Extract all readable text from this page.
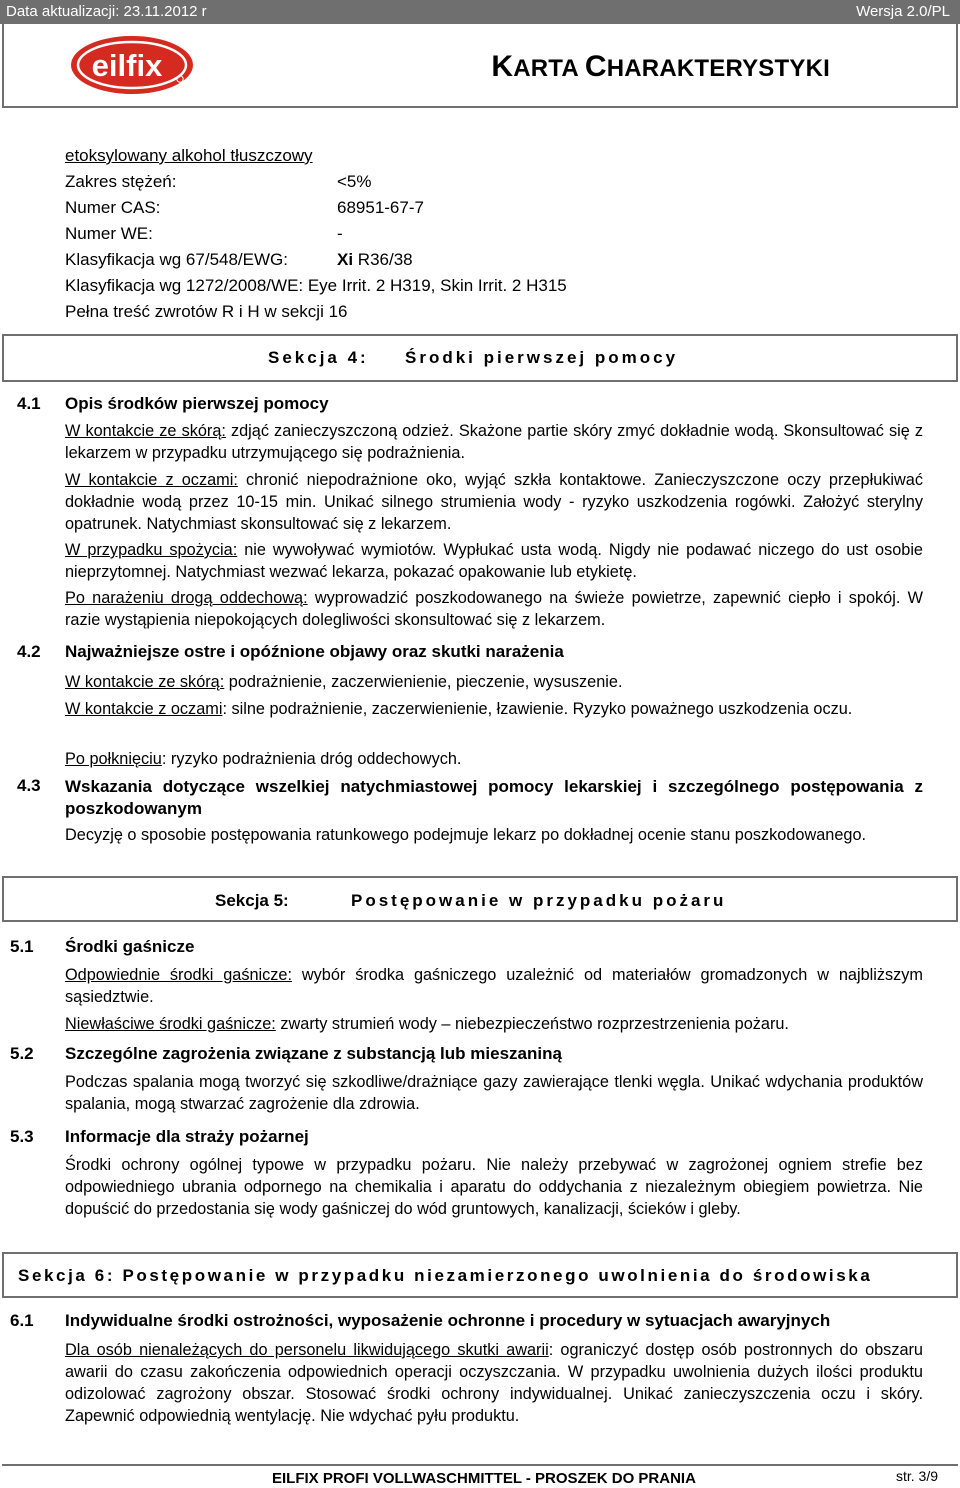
Data aktualizacji: 23.11.2012 r	Wersja 2.0/PL
eilfix	KARTA CHARAKTERYSTYKI
etoksylowany alkohol tłuszczowy
Zakres stężeń:	<5%
Numer CAS:	68951-67-7
Numer WE:	-
Klasyfikacja wg 67/548/EWG:	Xi R36/38
Klasyfikacja wg 1272/2008/WE: Eye Irrit. 2 H319, Skin Irrit. 2 H315
Pełna treść zwrotów R i H w sekcji 16
Sekcja 4: Środki pierwszej pomocy
4.1 Opis środków pierwszej pomocy
W kontakcie ze skórą: zdjąć zanieczyszczoną odzież. Skażone partie skóry zmyć dokładnie wodą. Skonsultować się z lekarzem w przypadku utrzymującego się podrażnienia.
W kontakcie z oczami: chronić niepodrażnione oko, wyjąć szkła kontaktowe. Zanieczyszczone oczy przepłukiwać dokładnie wodą przez 10-15 min. Unikać silnego strumienia wody - ryzyko uszkodzenia rogówki. Założyć sterylny opatrunek. Natychmiast skonsultować się z lekarzem.
W przypadku spożycia: nie wywoływać wymiotów. Wypłukać usta wodą. Nigdy nie podawać niczego do ust osobie nieprzytomnej. Natychmiast wezwać lekarza, pokazać opakowanie lub etykietę.
Po narażeniu drogą oddechową: wyprowadzić poszkodowanego na świeże powietrze, zapewnić ciepło i spokój. W razie wystąpienia niepokojących dolegliwości skonsultować się z lekarzem.
4.2 Najważniejsze ostre i opóźnione objawy oraz skutki narażenia
W kontakcie ze skórą: podrażnienie, zaczerwienienie, pieczenie, wysuszenie.
W kontakcie z oczami: silne podrażnienie, zaczerwienienie, łzawienie. Ryzyko poważnego uszkodzenia oczu.
Po połknięciu: ryzyko podrażnienia dróg oddechowych.
4.3 Wskazania dotyczące wszelkiej natychmiastowej pomocy lekarskiej i szczególnego postępowania z poszkodowanym
Decyzję o sposobie postępowania ratunkowego podejmuje lekarz po dokładnej ocenie stanu poszkodowanego.
Sekcja 5:	Postępowanie w przypadku pożaru
5.1 Środki gaśnicze
Odpowiednie środki gaśnicze: wybór środka gaśniczego uzależnić od materiałów gromadzonych w najbliższym sąsiedztwie.
Niewłaściwe środki gaśnicze: zwarty strumień wody – niebezpieczeństwo rozprzestrzenienia pożaru.
5.2 Szczególne zagrożenia związane z substancją lub mieszaniną
Podczas spalania mogą tworzyć się szkodliwe/drażniące gazy zawierające tlenki węgla. Unikać wdychania produktów spalania, mogą stwarzać zagrożenie dla zdrowia.
5.3 Informacje dla straży pożarnej
Środki ochrony ogólnej typowe w przypadku pożaru. Nie należy przebywać w zagrożonej ogniem strefie bez odpowiedniego ubrania odpornego na chemikalia i aparatu do oddychania z niezależnym obiegiem powietrza. Nie dopuścić do przedostania się wody gaśniczej do wód gruntowych, kanalizacji, ścieków i gleby.
Sekcja 6: Postępowanie w przypadku niezamierzonego uwolnienia do środowiska
6.1 Indywidualne środki ostrożności, wyposażenie ochronne i procedury w sytuacjach awaryjnych
Dla osób nienależących do personelu likwidującego skutki awarii: ograniczyć dostęp osób postronnych do obszaru awarii do czasu zakończenia odpowiednich operacji oczyszczania. W przypadku uwolnienia dużych ilości produktu odizolować zagrożony obszar. Stosować środki ochrony indywidualnej. Unikać zanieczyszczenia oczu i skóry. Zapewnić odpowiednią wentylację. Nie wdychać pyłu produktu.
EILFIX PROFI VOLLWASCHMITTEL - PROSZEK DO PRANIA	str. 3/9
